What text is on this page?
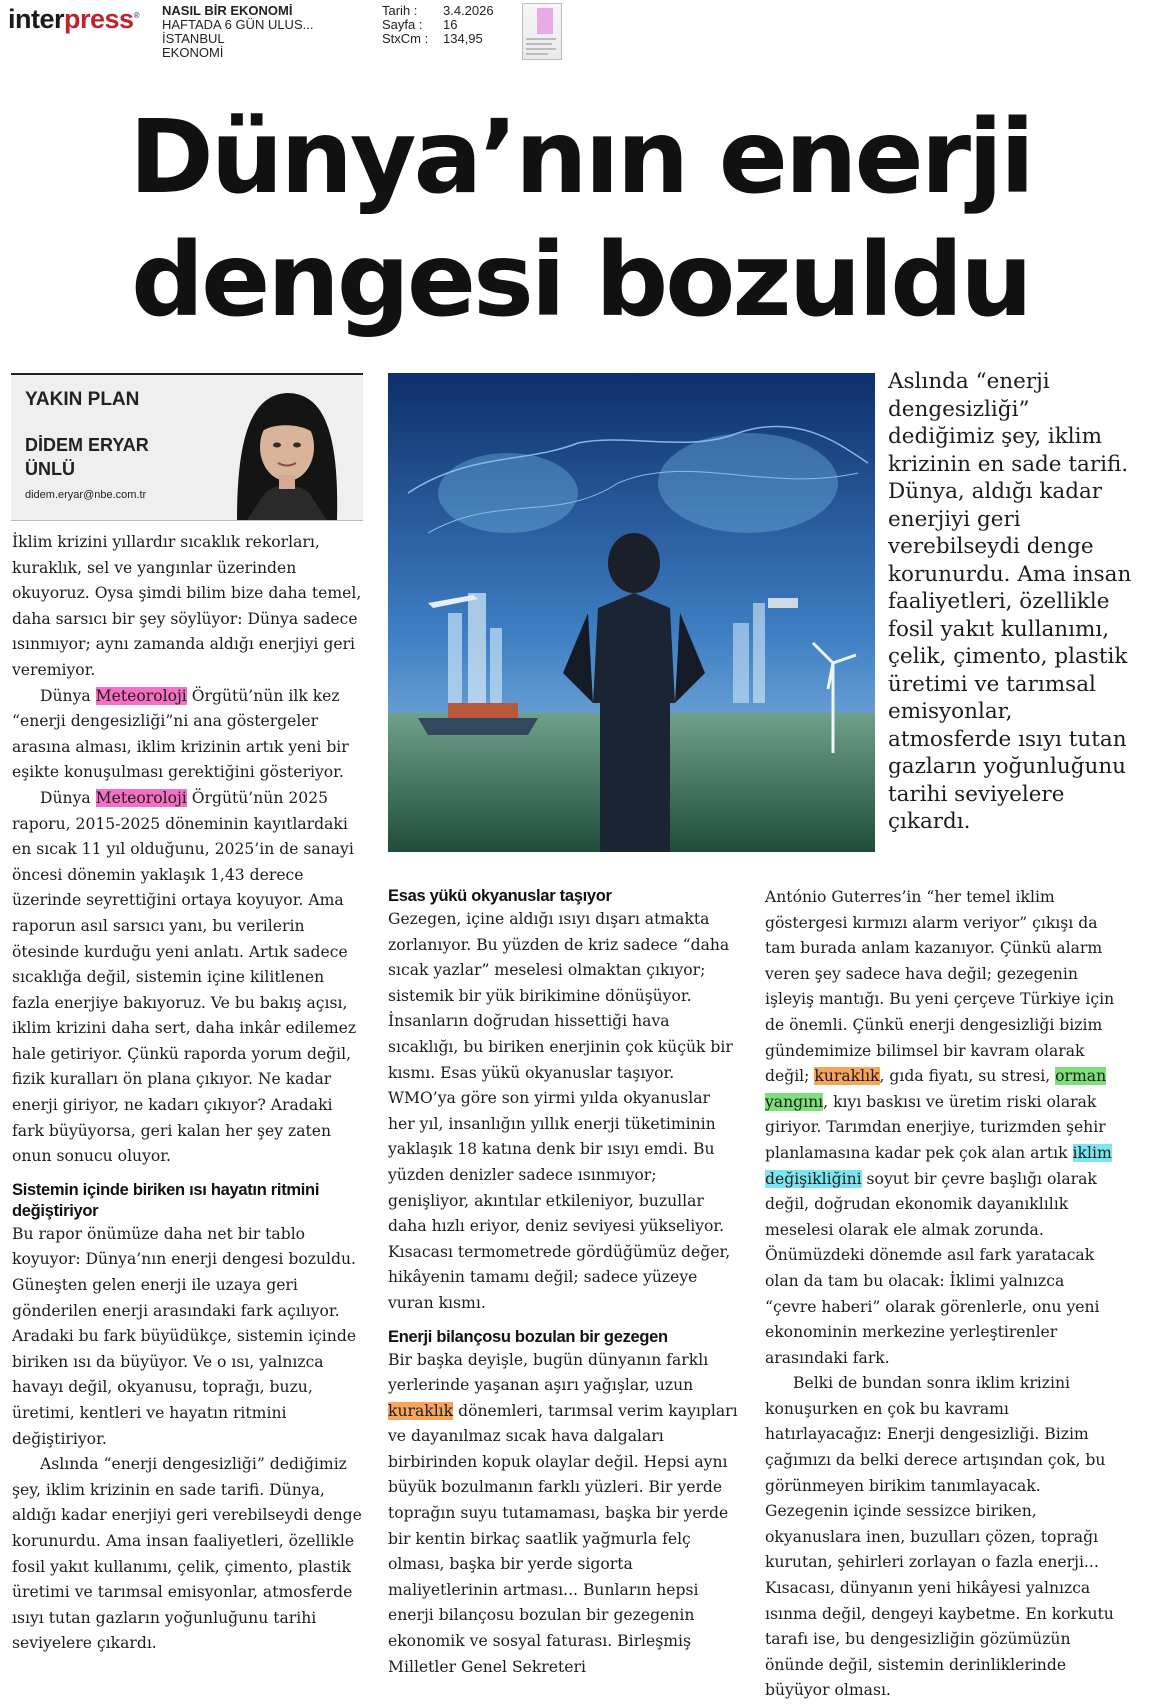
interpress® NASIL BİR EKONOMİ
HAFTADA 6 GÜN ULUS...
İSTANBUL
EKONOMİ
Tarih :
Sayfa :
StxCm :
3.4.2026
16
134,95
Dünya’nın enerji
dengesi bozuldu
YAKIN PLAN
DİDEM ERYAR
ÜNLÜ
didem.eryar@nbe.com.tr
Aslında “enerji dengesizliği” dediğimiz şey, iklim krizinin en sade tarifi. Dünya, aldığı kadar enerjiyi geri verebilseydi denge korunurdu. Ama insan faaliyetleri, özellikle fosil yakıt kullanımı, çelik, çimento, plastik üretimi ve tarımsal emisyonlar, atmosferde ısıyı tutan gazların yoğunluğunu tarihi seviyelere çıkardı.

İklim krizini yıllardır sıcaklık rekorları, kuraklık, sel ve yangınlar üzerinden okuyoruz. Oysa şimdi bilim bize daha temel, daha sarsıcı bir şey söylüyor: Dünya sadece ısınmıyor; aynı zamanda aldığı enerjiyi geri veremiyor.

Dünya Meteoroloji Örgütü’nün ilk kez “enerji dengesizliği”ni ana göstergeler arasına alması, iklim krizinin artık yeni bir eşikte konuşulması gerektiğini gösteriyor.

Dünya Meteoroloji Örgütü’nün 2025 raporu, 2015-2025 döneminin kayıtlardaki en sıcak 11 yıl olduğunu, 2025’in de sanayi öncesi dönemin yaklaşık 1,43 derece üzerinde seyrettiğini ortaya koyuyor. Ama raporun asıl sarsıcı yanı, bu verilerin ötesinde kurduğu yeni anlatı. Artık sadece sıcaklığa değil, sistemin içine kilitlenen fazla enerjiye bakıyoruz. Ve bu bakış açısı, iklim krizini daha sert, daha inkâr edilemez hale getiriyor. Çünkü raporda yorum değil, fizik kuralları ön plana çıkıyor. Ne kadar enerji giriyor, ne kadarı çıkıyor? Aradaki fark büyüyorsa, geri kalan her şey zaten onun sonucu oluyor.

Sistemin içinde biriken ısı hayatın ritmini değiştiriyor

Bu rapor önümüze daha net bir tablo koyuyor: Dünya’nın enerji dengesi bozuldu. Güneşten gelen enerji ile uzaya geri gönderilen enerji arasındaki fark açılıyor. Aradaki bu fark büyüdükçe, sistemin içinde biriken ısı da büyüyor. Ve o ısı, yalnızca havayı değil, okyanusu, toprağı, buzu, üretimi, kentleri ve hayatın ritmini değiştiriyor.

Aslında “enerji dengesizliği” dediğimiz şey, iklim krizinin en sade tarifi. Dünya, aldığı kadar enerjiyi geri verebilseydi denge korunurdu. Ama insan faaliyetleri, özellikle fosil yakıt kullanımı, çelik, çimento, plastik üretimi ve tarımsal emisyonlar, atmosferde ısıyı tutan gazların yoğunluğunu tarihi seviyelere çıkardı.

Esas yükü okyanuslar taşıyor

Gezegen, içine aldığı ısıyı dışarı atmakta zorlanıyor. Bu yüzden de kriz sadece “daha sıcak yazlar” meselesi olmaktan çıkıyor; sistemik bir yük birikimine dönüşüyor. İnsanların doğrudan hissettiği hava sıcaklığı, bu biriken enerjinin çok küçük bir kısmı. Esas yükü okyanuslar taşıyor. WMO’ya göre son yirmi yılda okyanuslar her yıl, insanlığın yıllık enerji tüketiminin yaklaşık 18 katına denk bir ısıyı emdi. Bu yüzden denizler sadece ısınmıyor; genişliyor, akıntılar etkileniyor, buzullar daha hızlı eriyor, deniz seviyesi yükseliyor. Kısacası termometrede gördüğümüz değer, hikâyenin tamamı değil; sadece yüzeye vuran kısmı.

Enerji bilançosu bozulan bir gezegen

Bir başka deyişle, bugün dünyanın farklı yerlerinde yaşanan aşırı yağışlar, uzun kuraklık dönemleri, tarımsal verim kayıpları ve dayanılmaz sıcak hava dalgaları birbirinden kopuk olaylar değil. Hepsi aynı büyük bozulmanın farklı yüzleri. Bir yerde toprağın suyu tutamaması, başka bir yerde bir kentin birkaç saatlik yağmurla felç olması, başka bir yerde sigorta maliyetlerinin artması... Bunların hepsi enerji bilançosu bozulan bir gezegenin ekonomik ve sosyal faturası. Birleşmiş Milletler Genel Sekreteri

António Guterres’in “her temel iklim göstergesi kırmızı alarm veriyor” çıkışı da tam burada anlam kazanıyor. Çünkü alarm veren şey sadece hava değil; gezegenin işleyiş mantığı. Bu yeni çerçeve Türkiye için de önemli. Çünkü enerji dengesizliği bizim gündemimize bilimsel bir kavram olarak değil; kuraklık, gıda fiyatı, su stresi, orman yangını, kıyı baskısı ve üretim riski olarak giriyor. Tarımdan enerjiye, turizmden şehir planlamasına kadar pek çok alan artık iklim değişikliğini soyut bir çevre başlığı olarak değil, doğrudan ekonomik dayanıklılık meselesi olarak ele almak zorunda. Önümüzdeki dönemde asıl fark yaratacak olan da tam bu olacak: İklimi yalnızca “çevre haberi” olarak görenlerle, onu yeni ekonominin merkezine yerleştirenler arasındaki fark.

Belki de bundan sonra iklim krizini konuşurken en çok bu kavramı hatırlayacağız: Enerji dengesizliği. Bizim çağımızı da belki derece artışından çok, bu görünmeyen birikim tanımlayacak. Gezegenin içinde sessizce biriken, okyanuslara inen, buzulları çözen, toprağı kurutan, şehirleri zorlayan o fazla enerji... Kısacası, dünyanın yeni hikâyesi yalnızca ısınma değil, dengeyi kaybetme. En korkutu tarafı ise, bu dengesizliğin gözümüzün önünde değil, sistemin derinliklerinde büyüyor olması.
